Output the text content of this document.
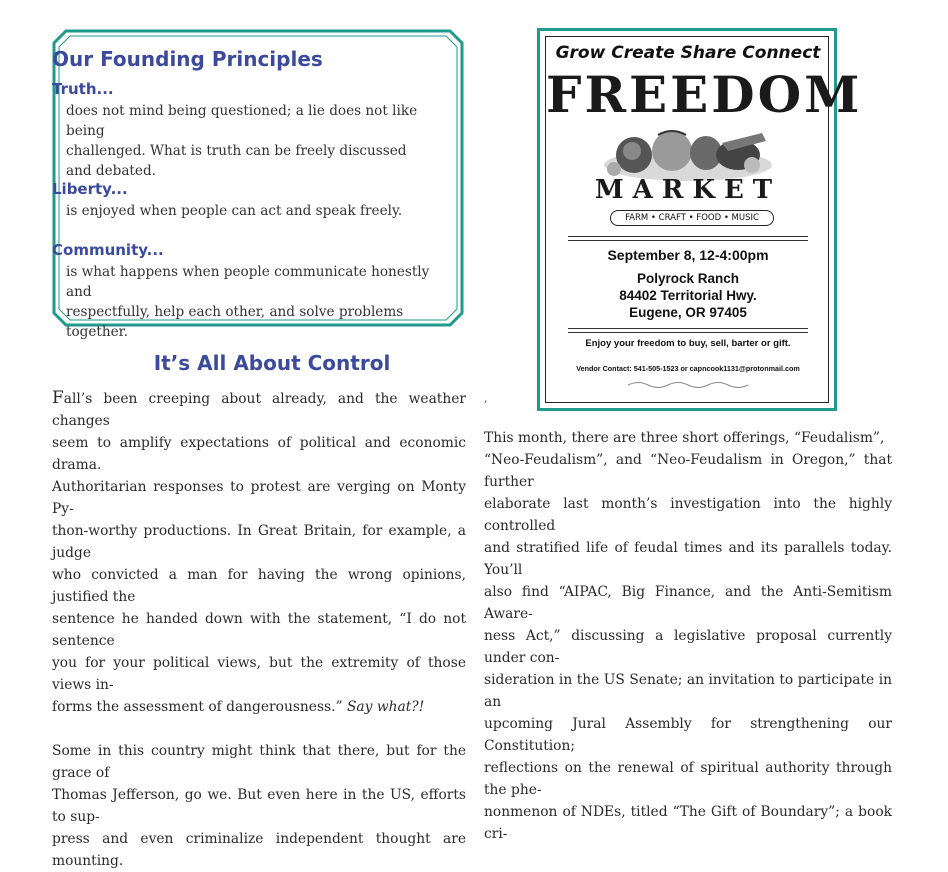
Our Founding Principles
Truth...
does not mind being questioned; a lie does not like being
challenged. What is truth can be freely discussed
and debated.
Liberty...
is enjoyed when people can act and speak freely.
Community...
is what happens when people communicate honestly and
respectfully, help each other, and solve problems together.
It’s All About Control

Fall’s been creeping about already, and the weather changes
seem to amplify expectations of political and economic drama.
Authoritarian responses to protest are verging on Monty Py-
thon-worthy productions. In Great Britain, for example, a judge
who convicted a man for having the wrong opinions, justified the
sentence he handed down with the statement, “I do not sentence
you for your political views, but the extremity of those views in-
forms the assessment of dangerousness.” Say what?!

Some in this country might think that there, but for the grace of
Thomas Jefferson, go we. But even here in the US, efforts to sup-
press and even criminalize independent thought are mounting.

,
This month, there are three short offerings, “Feudalism”,
“Neo-Feudalism”, and “Neo-Feudalism in Oregon,” that further
elaborate last month’s investigation into the highly controlled
and stratified life of feudal times and its parallels today. You’ll
also find “AIPAC, Big Finance, and the Anti-Semitism Aware-
ness Act,” discussing a legislative proposal currently under con-
sideration in the US Senate; an invitation to participate in an
upcoming Jural Assembly for strengthening our Constitution;
reflections on the renewal of spiritual authority through the phe-
nonmenon of NDEs, titled “The Gift of Boundary”; a book cri-
Grow Create Share Connect
FREEDOM
MARKET
FARM • CRAFT • FOOD • MUSIC
September 8, 12-4:00pm
Polyrock Ranch
84402 Territorial Hwy.
Eugene, OR 97405
Enjoy your freedom to buy, sell, barter or gift.
Vendor Contact: 541-505-1523 or capncook1131@protonmail.com
